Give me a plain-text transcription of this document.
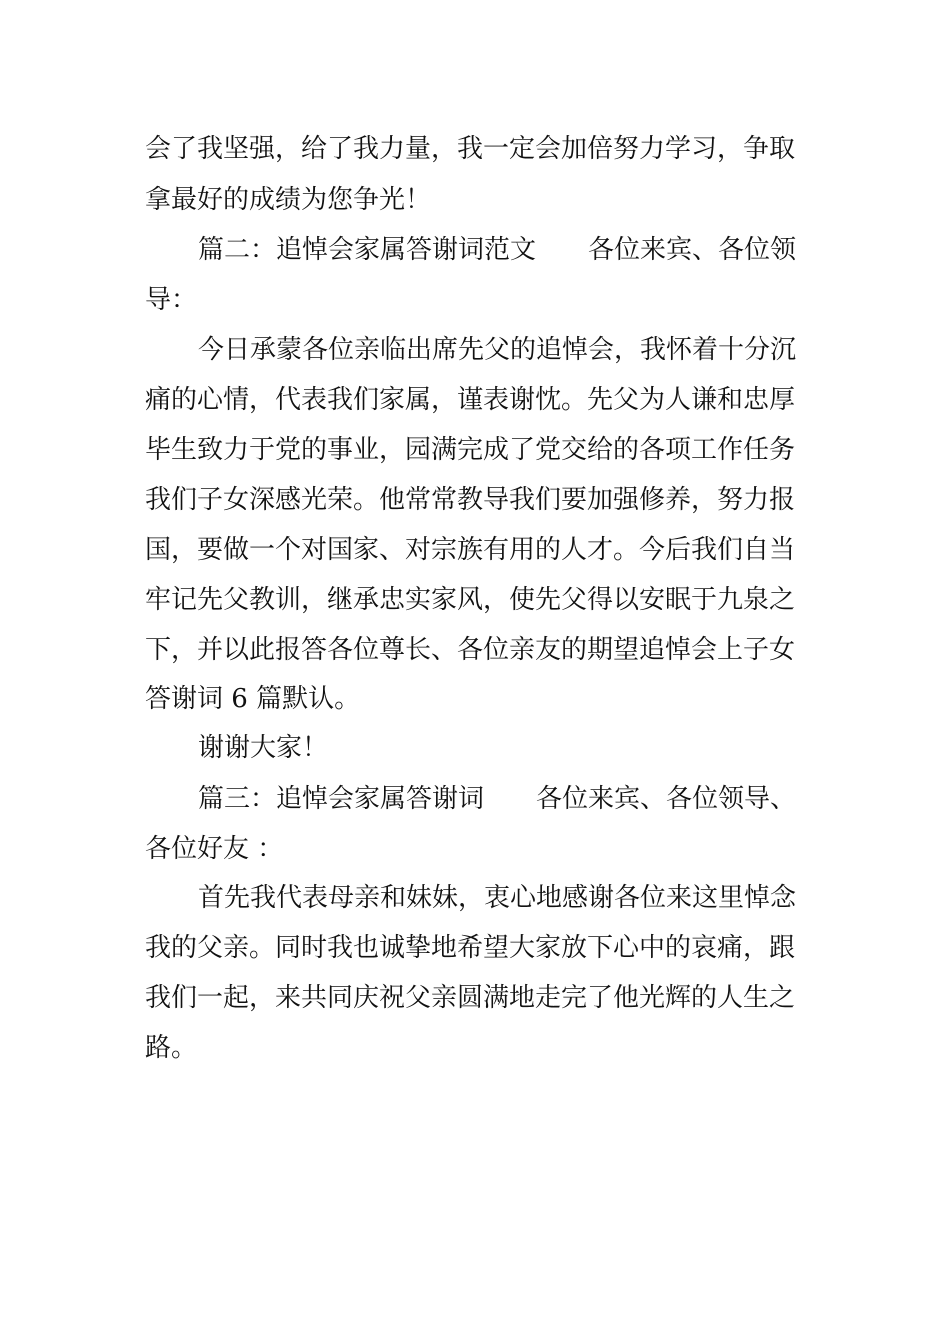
会了我坚强，给了我力量，我一定会加倍努力学习，争取
拿最好的成绩为您争光！
篇二：追悼会家属答谢词范文　　各位来宾、各位领
导：
今日承蒙各位亲临出席先父的追悼会，我怀着十分沉
痛的心情，代表我们家属，谨表谢忱。先父为人谦和忠厚
毕生致力于党的事业，园满完成了党交给的各项工作任务
我们子女深感光荣。他常常教导我们要加强修养，努力报
国，要做一个对国家、对宗族有用的人才。今后我们自当
牢记先父教训，继承忠实家风，使先父得以安眠于九泉之
下，并以此报答各位尊长、各位亲友的期望追悼会上子女
答谢词 6 篇默认。
谢谢大家！
篇三：追悼会家属答谢词　　各位来宾、各位领导、
各位好友 ：
首先我代表母亲和妹妹，衷心地感谢各位来这里悼念
我的父亲。同时我也诚挚地希望大家放下心中的哀痛，跟
我们一起，来共同庆祝父亲圆满地走完了他光辉的人生之
路。
